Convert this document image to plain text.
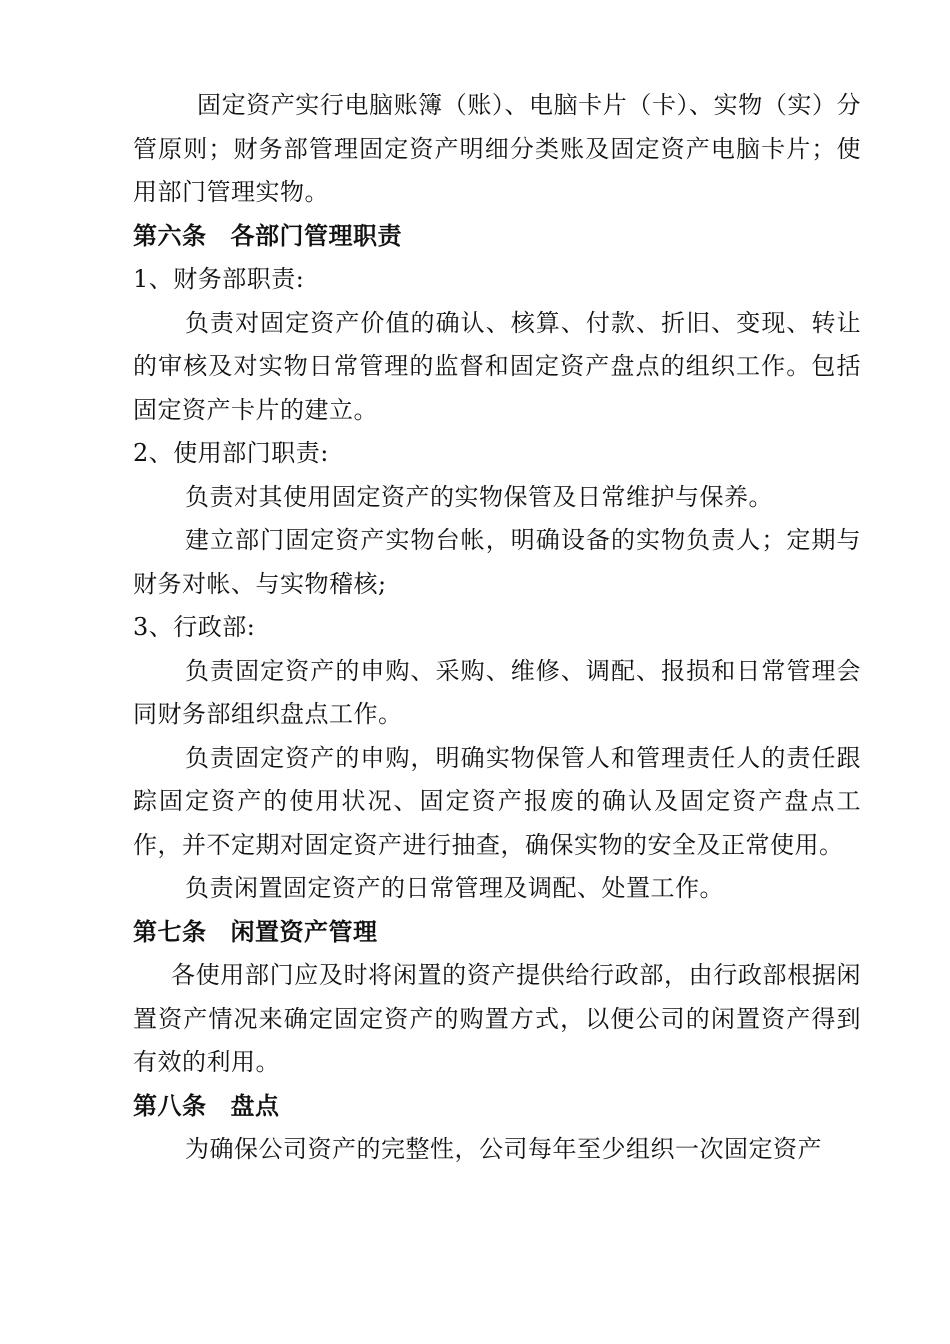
固定资产实行电脑账簿（账）、电脑卡片（卡）、实物（实）分管原则；财务部管理固定资产明细分类账及固定资产电脑卡片；使用部门管理实物。

第六条 各部门管理职责

1、财务部职责:

负责对固定资产价值的确认、核算、付款、折旧、变现、转让的审核及对实物日常管理的监督和固定资产盘点的组织工作。包括固定资产卡片的建立。

2、使用部门职责:

负责对其使用固定资产的实物保管及日常维护与保养。

建立部门固定资产实物台帐，明确设备的实物负责人；定期与财务对帐、与实物稽核;

3、行政部:

负责固定资产的申购、采购、维修、调配、报损和日常管理会同财务部组织盘点工作。

负责固定资产的申购，明确实物保管人和管理责任人的责任跟踪固定资产的使用状况、固定资产报废的确认及固定资产盘点工作，并不定期对固定资产进行抽查，确保实物的安全及正常使用。

负责闲置固定资产的日常管理及调配、处置工作。

第七条 闲置资产管理

各使用部门应及时将闲置的资产提供给行政部，由行政部根据闲置资产情况来确定固定资产的购置方式，以便公司的闲置资产得到有效的利用。

第八条 盘点

为确保公司资产的完整性，公司每年至少组织一次固定资产
